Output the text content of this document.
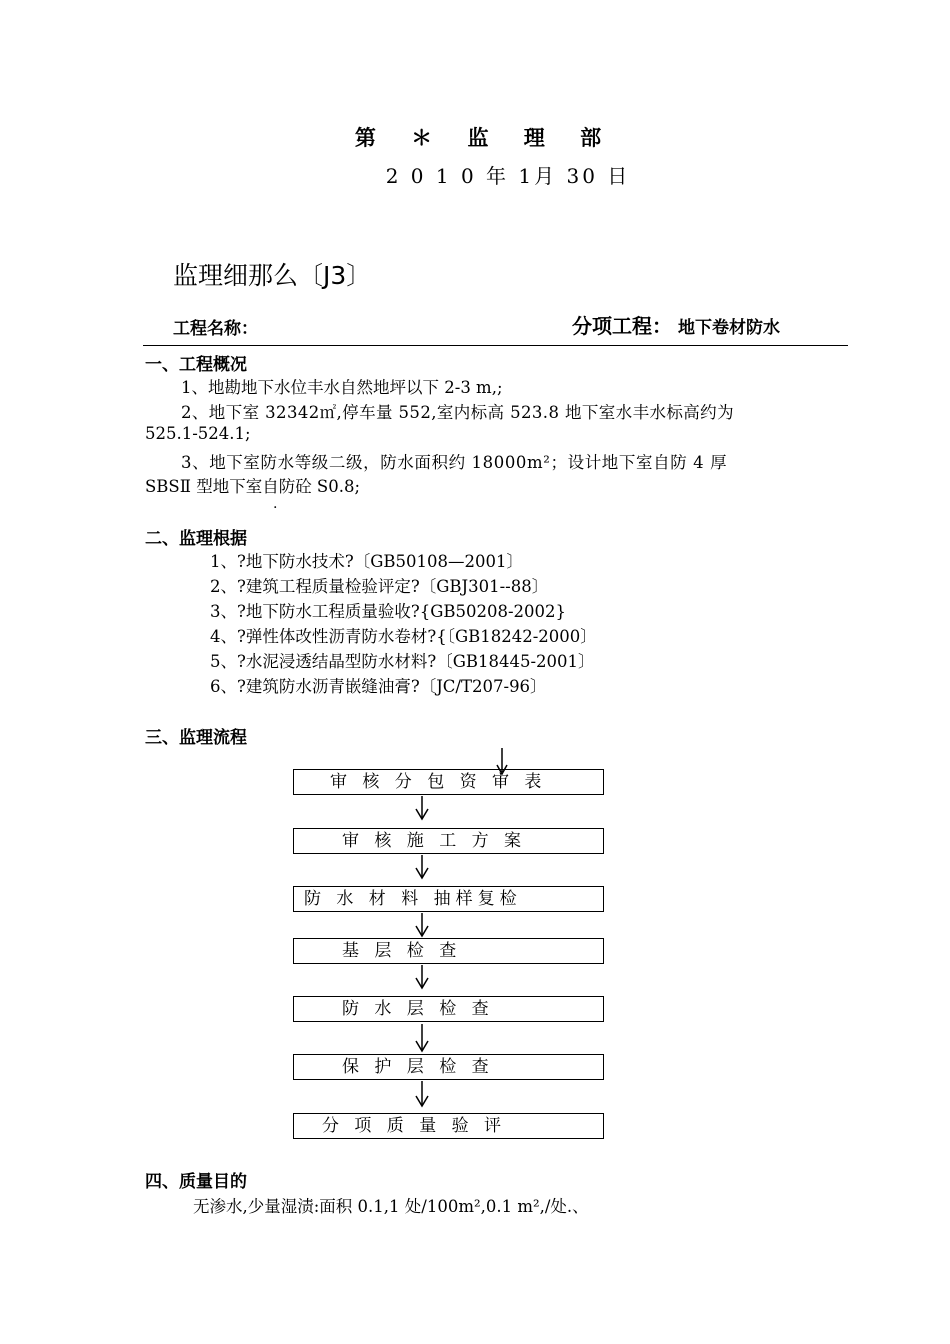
第 ＊ 监 理 部
2 0 1 0 年 1月 30 日
监理细那么〔J3〕
工程名称：	分项工程： 地下卷材防水
一、工程概况
1、地勘地下水位丰水自然地坪以下 2-3 m,;
2、地下室 32342㎡,停车量 552,室内标高 523.8 地下室水丰水标高约为
525.1-524.1;
3、地下室防水等级二级，防水面积约 18000m²；设计地下室自防 4 厚
SBSⅡ 型地下室自防砼 S0.8;
.
二、监理根据
1、?地下防水技术?〔GB50108—2001〕
2、?建筑工程质量检验评定?〔GBJ301--88〕
3、?地下防水工程质量验收?{GB50208-2002}
4、?弹性体改性沥青防水卷材?{〔GB18242-2000〕
5、?水泥浸透结晶型防水材料?〔GB18445-2001〕
6、?建筑防水沥青嵌缝油膏?〔JC/T207-96〕
三、监理流程
审 核 分 包 资 审 表
审 核 施 工 方 案
防 水 材 料 抽样复检
基 层 检 查
防 水 层 检 查
保 护 层 检 查
分 项 质 量 验 评
四、质量目的
无渗水,少量湿渍:面积 0.1,1 处/100m²,0.1 m²,/处.、
